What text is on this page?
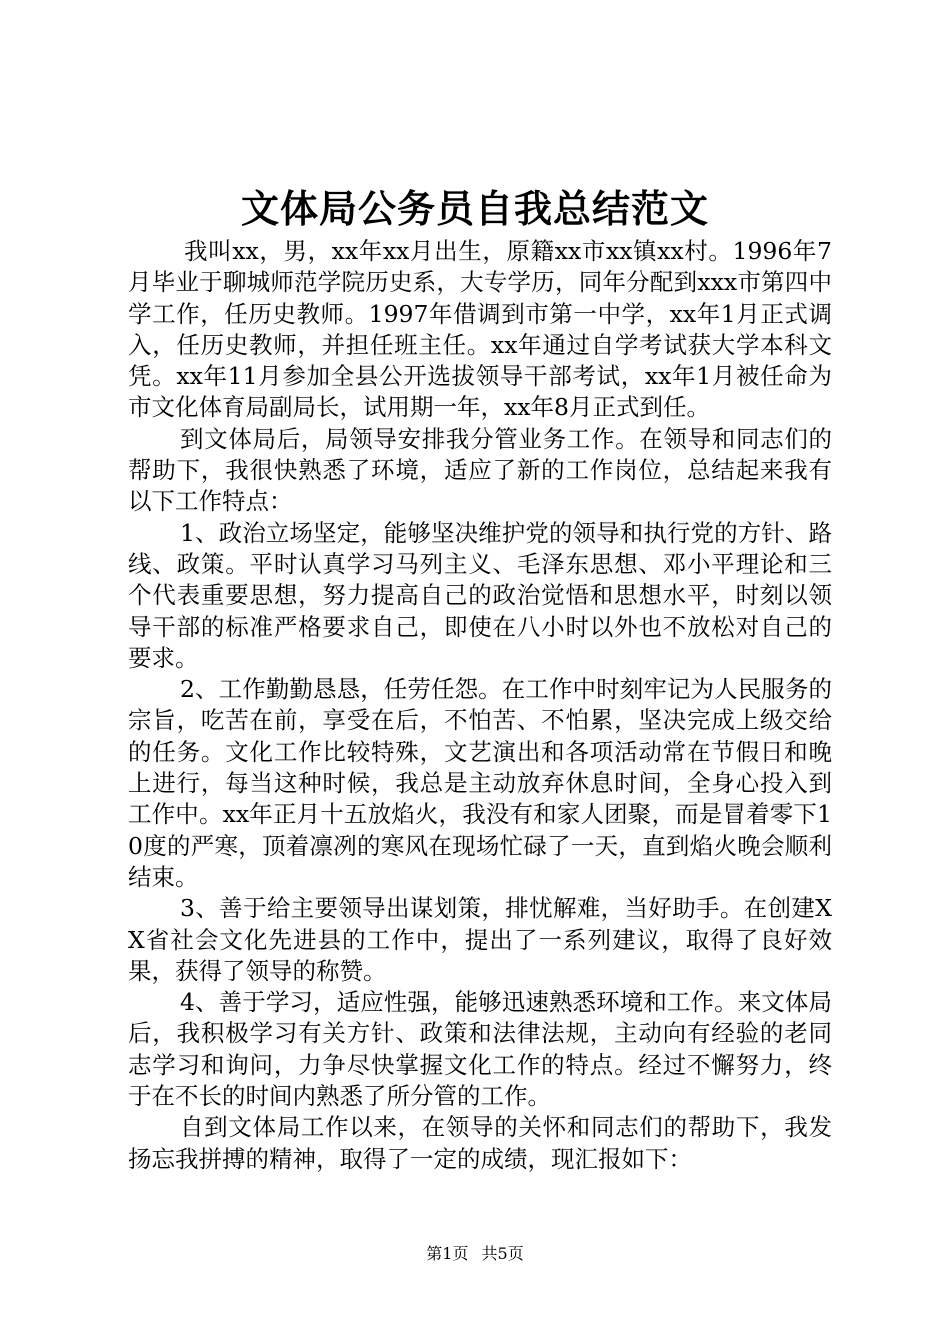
文体局公务员自我总结范文

我叫xx，男，xx年xx月出生，原籍xx市xx镇xx村。1996年7月毕业于聊城师范学院历史系，大专学历，同年分配到xxx市第四中学工作，任历史教师。1997年借调到市第一中学，xx年1月正式调入，任历史教师，并担任班主任。xx年通过自学考试获大学本科文凭。xx年11月参加全县公开选拔领导干部考试，xx年1月被任命为市文化体育局副局长，试用期一年，xx年8月正式到任。

到文体局后，局领导安排我分管业务工作。在领导和同志们的帮助下，我很快熟悉了环境，适应了新的工作岗位，总结起来我有以下工作特点：

1、政治立场坚定，能够坚决维护党的领导和执行党的方针、路线、政策。平时认真学习马列主义、毛泽东思想、邓小平理论和三个代表重要思想，努力提高自己的政治觉悟和思想水平，时刻以领导干部的标准严格要求自己，即使在八小时以外也不放松对自己的要求。

2、工作勤勤恳恳，任劳任怨。在工作中时刻牢记为人民服务的宗旨，吃苦在前，享受在后，不怕苦、不怕累，坚决完成上级交给的任务。文化工作比较特殊，文艺演出和各项活动常在节假日和晚上进行，每当这种时候，我总是主动放弃休息时间，全身心投入到工作中。xx年正月十五放焰火，我没有和家人团聚，而是冒着零下10度的严寒，顶着凛冽的寒风在现场忙碌了一天，直到焰火晚会顺利结束。

3、善于给主要领导出谋划策，排忧解难，当好助手。在创建XX省社会文化先进县的工作中，提出了一系列建议，取得了良好效果，获得了领导的称赞。

4、善于学习，适应性强，能够迅速熟悉环境和工作。来文体局后，我积极学习有关方针、政策和法律法规，主动向有经验的老同志学习和询问，力争尽快掌握文化工作的特点。经过不懈努力，终于在不长的时间内熟悉了所分管的工作。

自到文体局工作以来，在领导的关怀和同志们的帮助下，我发扬忘我拼搏的精神，取得了一定的成绩，现汇报如下：

第1页 共5页
